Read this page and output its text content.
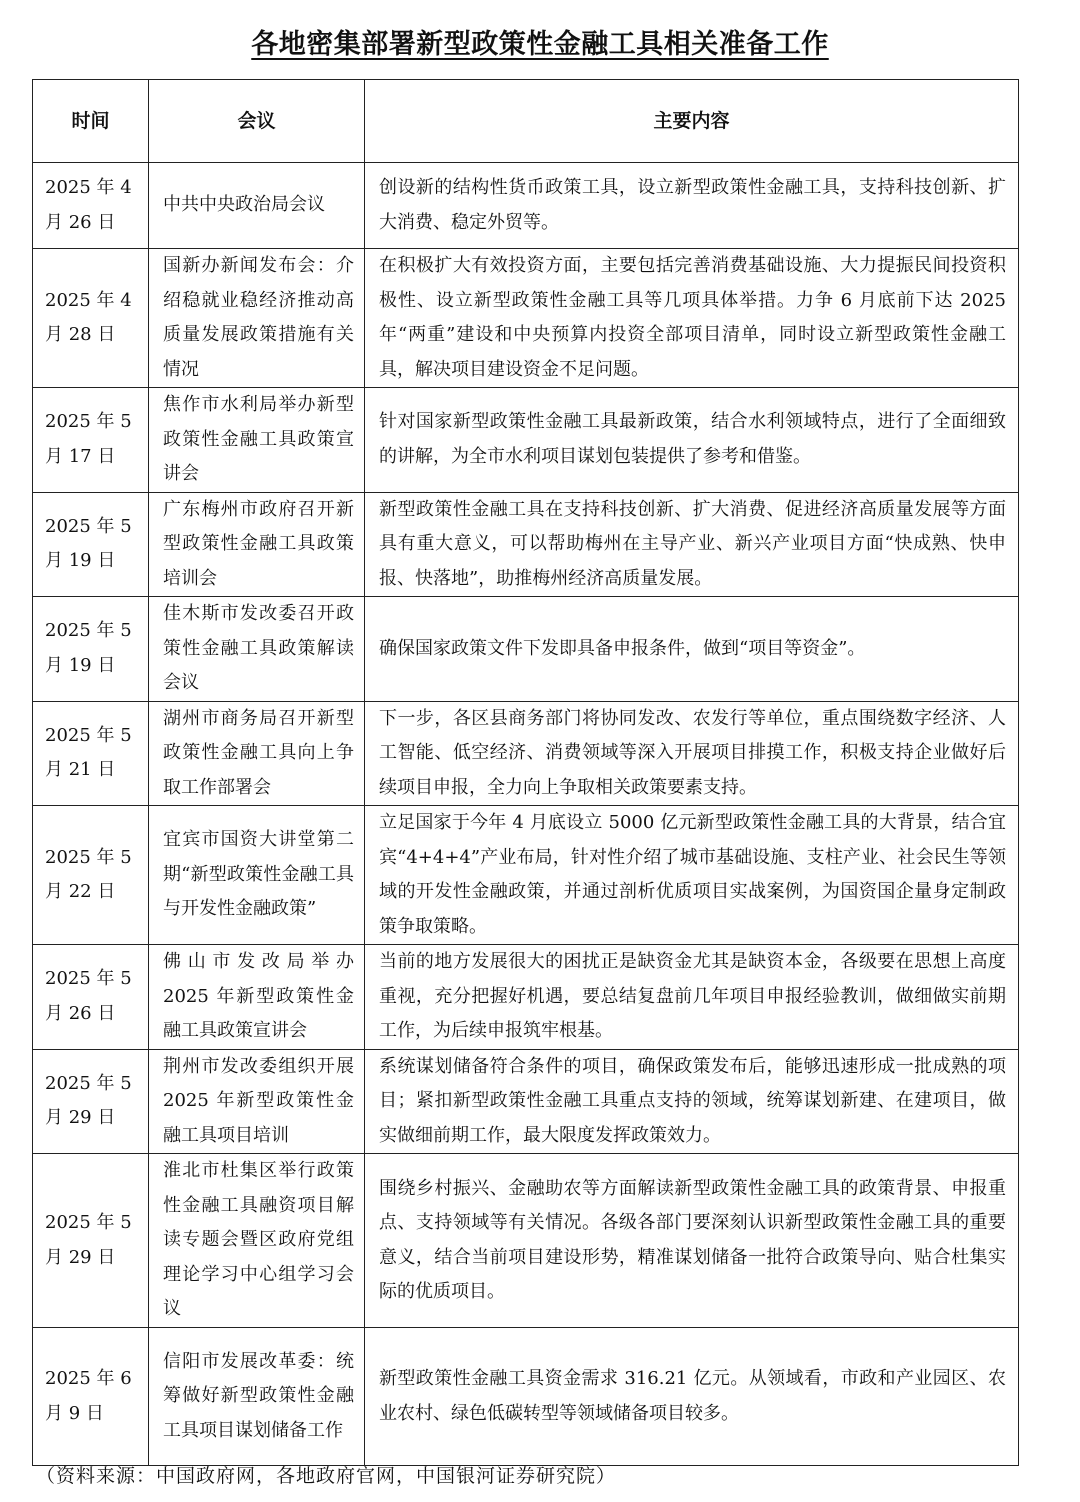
各地密集部署新型政策性金融工具相关准备工作
时间	会议	主要内容
2025 年 4 月 26 日	中共中央政治局会议	创设新的结构性货币政策工具，设立新型政策性金融工具，支持科技创新、扩大消费、稳定外贸等。
2025 年 4 月 28 日	国新办新闻发布会：介绍稳就业稳经济推动高质量发展政策措施有关情况	在积极扩大有效投资方面，主要包括完善消费基础设施、大力提振民间投资积极性、设立新型政策性金融工具等几项具体举措。力争 6 月底前下达 2025 年“两重”建设和中央预算内投资全部项目清单，同时设立新型政策性金融工具，解决项目建设资金不足问题。
2025 年 5 月 17 日	焦作市水利局举办新型政策性金融工具政策宣讲会	针对国家新型政策性金融工具最新政策，结合水利领域特点，进行了全面细致的讲解，为全市水利项目谋划包装提供了参考和借鉴。
2025 年 5 月 19 日	广东梅州市政府召开新型政策性金融工具政策培训会	新型政策性金融工具在支持科技创新、扩大消费、促进经济高质量发展等方面具有重大意义，可以帮助梅州在主导产业、新兴产业项目方面“快成熟、快申报、快落地”，助推梅州经济高质量发展。
2025 年 5 月 19 日	佳木斯市发改委召开政策性金融工具政策解读会议	确保国家政策文件下发即具备申报条件，做到“项目等资金”。
2025 年 5 月 21 日	湖州市商务局召开新型政策性金融工具向上争取工作部署会	下一步，各区县商务部门将协同发改、农发行等单位，重点围绕数字经济、人工智能、低空经济、消费领域等深入开展项目排摸工作，积极支持企业做好后续项目申报，全力向上争取相关政策要素支持。
2025 年 5 月 22 日	宜宾市国资大讲堂第二期“新型政策性金融工具与开发性金融政策”	立足国家于今年 4 月底设立 5000 亿元新型政策性金融工具的大背景，结合宜宾“4+4+4”产业布局，针对性介绍了城市基础设施、支柱产业、社会民生等领域的开发性金融政策，并通过剖析优质项目实战案例，为国资国企量身定制政策争取策略。
2025 年 5 月 26 日	佛山市发改局举办 2025 年新型政策性金融工具政策宣讲会	当前的地方发展很大的困扰正是缺资金尤其是缺资本金，各级要在思想上高度重视，充分把握好机遇，要总结复盘前几年项目申报经验教训，做细做实前期工作，为后续申报筑牢根基。
2025 年 5 月 29 日	荆州市发改委组织开展 2025 年新型政策性金融工具项目培训	系统谋划储备符合条件的项目，确保政策发布后，能够迅速形成一批成熟的项目；紧扣新型政策性金融工具重点支持的领域，统筹谋划新建、在建项目，做实做细前期工作，最大限度发挥政策效力。
2025 年 5 月 29 日	淮北市杜集区举行政策性金融工具融资项目解读专题会暨区政府党组理论学习中心组学习会议	围绕乡村振兴、金融助农等方面解读新型政策性金融工具的政策背景、申报重点、支持领域等有关情况。各级各部门要深刻认识新型政策性金融工具的重要意义，结合当前项目建设形势，精准谋划储备一批符合政策导向、贴合杜集实际的优质项目。
2025 年 6 月 9 日	信阳市发展改革委：统筹做好新型政策性金融工具项目谋划储备工作	新型政策性金融工具资金需求 316.21 亿元。从领域看，市政和产业园区、农业农村、绿色低碳转型等领域储备项目较多。
（资料来源：中国政府网，各地政府官网，中国银河证券研究院）
